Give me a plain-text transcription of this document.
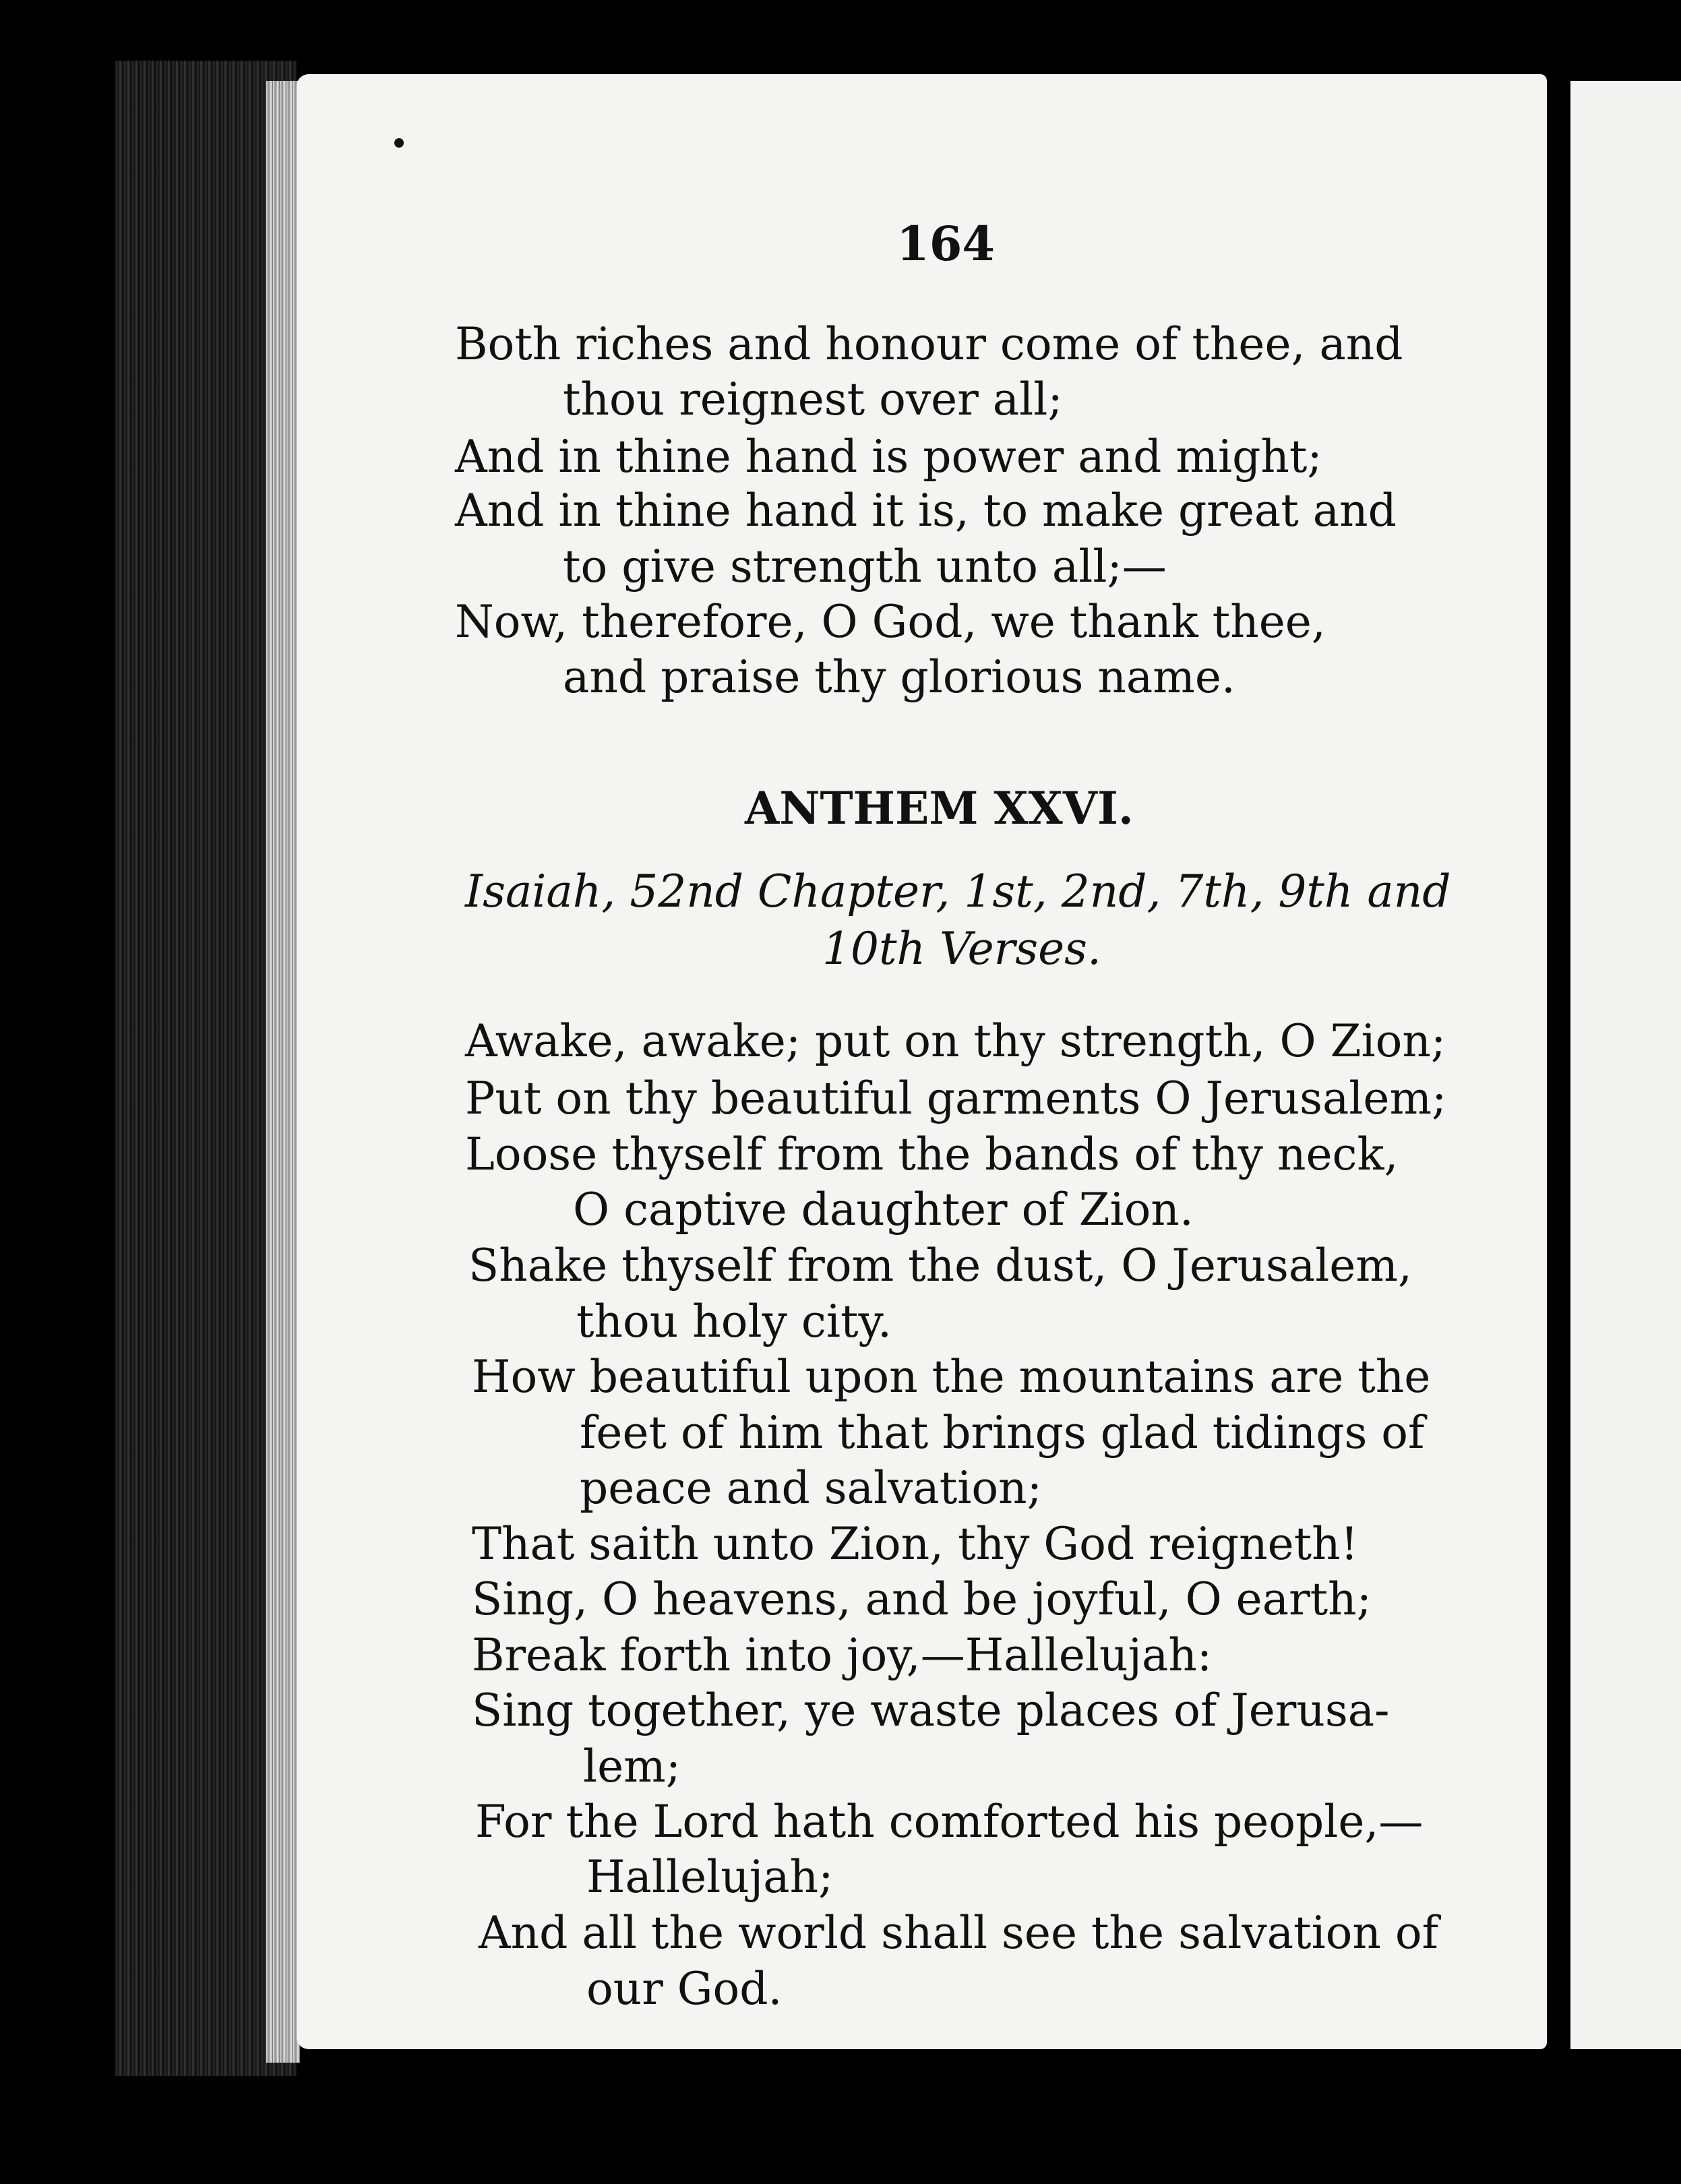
164
Both riches and honour come of thee, and
thou reignest over all;
And in thine hand is power and might;
And in thine hand it is, to make great and
to give strength unto all;—
Now, therefore, O God, we thank thee,
and praise thy glorious name.
ANTHEM XXVI.
Isaiah, 52nd Chapter, 1st, 2nd, 7th, 9th and
10th Verses.
Awake, awake; put on thy strength, O Zion;
Put on thy beautiful garments O Jerusalem;
Loose thyself from the bands of thy neck,
O captive daughter of Zion.
Shake thyself from the dust, O Jerusalem,
thou holy city.
How beautiful upon the mountains are the
feet of him that brings glad tidings of
peace and salvation;
That saith unto Zion, thy God reigneth!
Sing, O heavens, and be joyful, O earth;
Break forth into joy,—Hallelujah:
Sing together, ye waste places of Jerusa-
lem;
For the Lord hath comforted his people,—
Hallelujah;
And all the world shall see the salvation of
our God.
